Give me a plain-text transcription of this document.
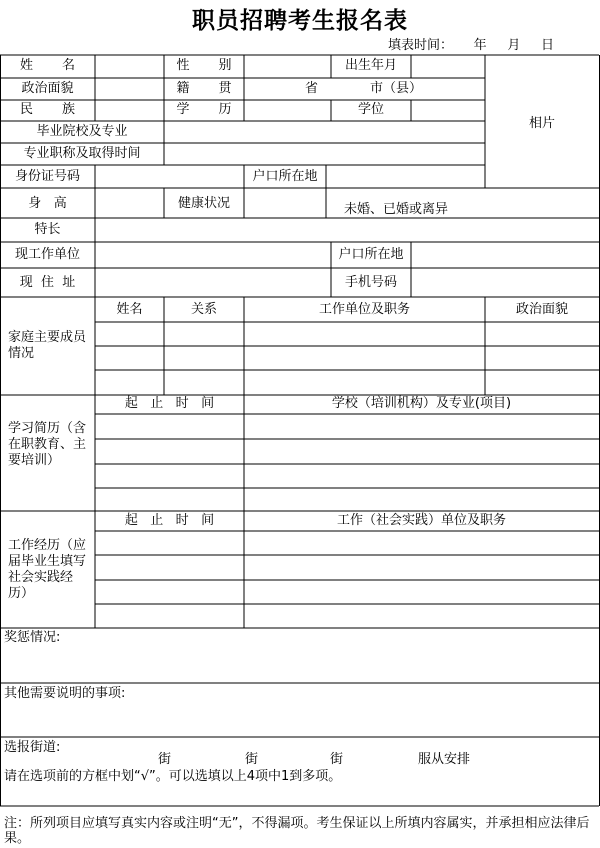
职员招聘考生报名表
填表时间：     年     月     日
姓       名	性       别	出生年月
政治面貌	籍       贯	省	市（县）
民       族	学       历	学位
相片
毕业院校及专业
专业职称及取得时间
身份证号码	户口所在地
身   高	健康状况	未婚、已婚或离异
特长
现工作单位	户口所在地
现  住  址	手机号码
家庭主要成员情况
姓名	关系	工作单位及职务	政治面貌
学习简历（含在职教育、主要培训）
起   止   时   间	学校（培训机构）及专业(项目)
工作经历（应届毕业生填写社会实践经历）
起   止   时   间	工作（社会实践）单位及职务
奖惩情况:
其他需要说明的事项:
选报街道:
街	街	街	服从安排
请在选项前的方框中划“√”。可以选填以上4项中1到多项。
注：所列项目应填写真实内容或注明“无”，不得漏项。考生保证以上所填内容属实，并承担相应法律后果。
